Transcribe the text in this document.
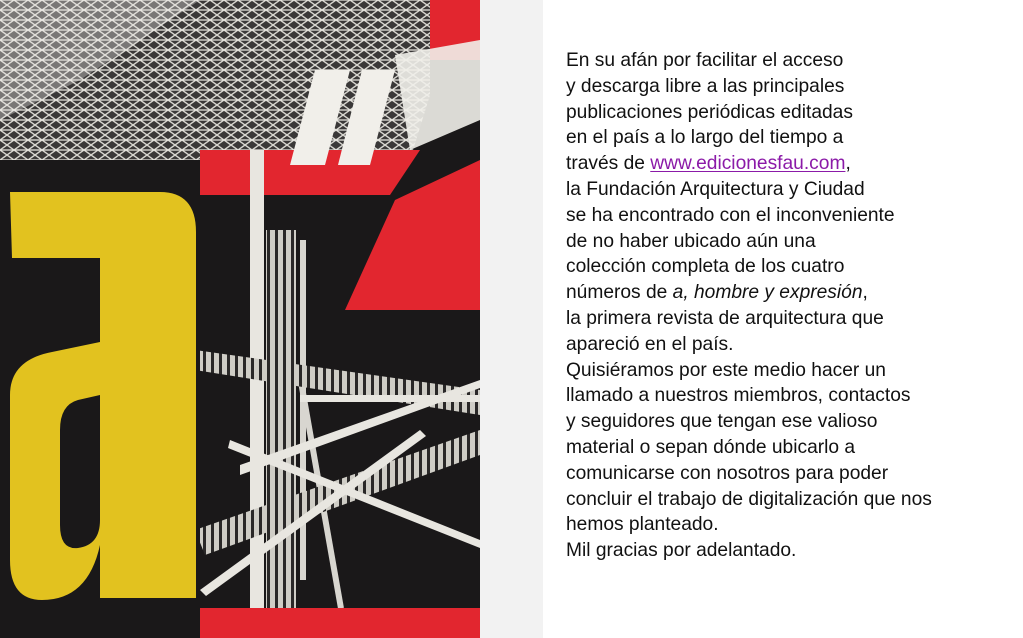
En su afán por facilitar el acceso
y descarga libre a las principales
publicaciones periódicas editadas
en el país a lo largo del tiempo a
través de www.edicionesfau.com,
la Fundación Arquitectura y Ciudad
se ha encontrado con el inconveniente
de no haber ubicado aún una
colección completa de los cuatro
números de a, hombre y expresión,
la primera revista de arquitectura que
apareció en el país.
Quisiéramos por este medio hacer un
llamado a nuestros miembros, contactos
y seguidores que tengan ese valioso
material o sepan dónde ubicarlo a
comunicarse con nosotros para poder
concluir el trabajo de digitalización que nos
hemos planteado.
Mil gracias por adelantado.
